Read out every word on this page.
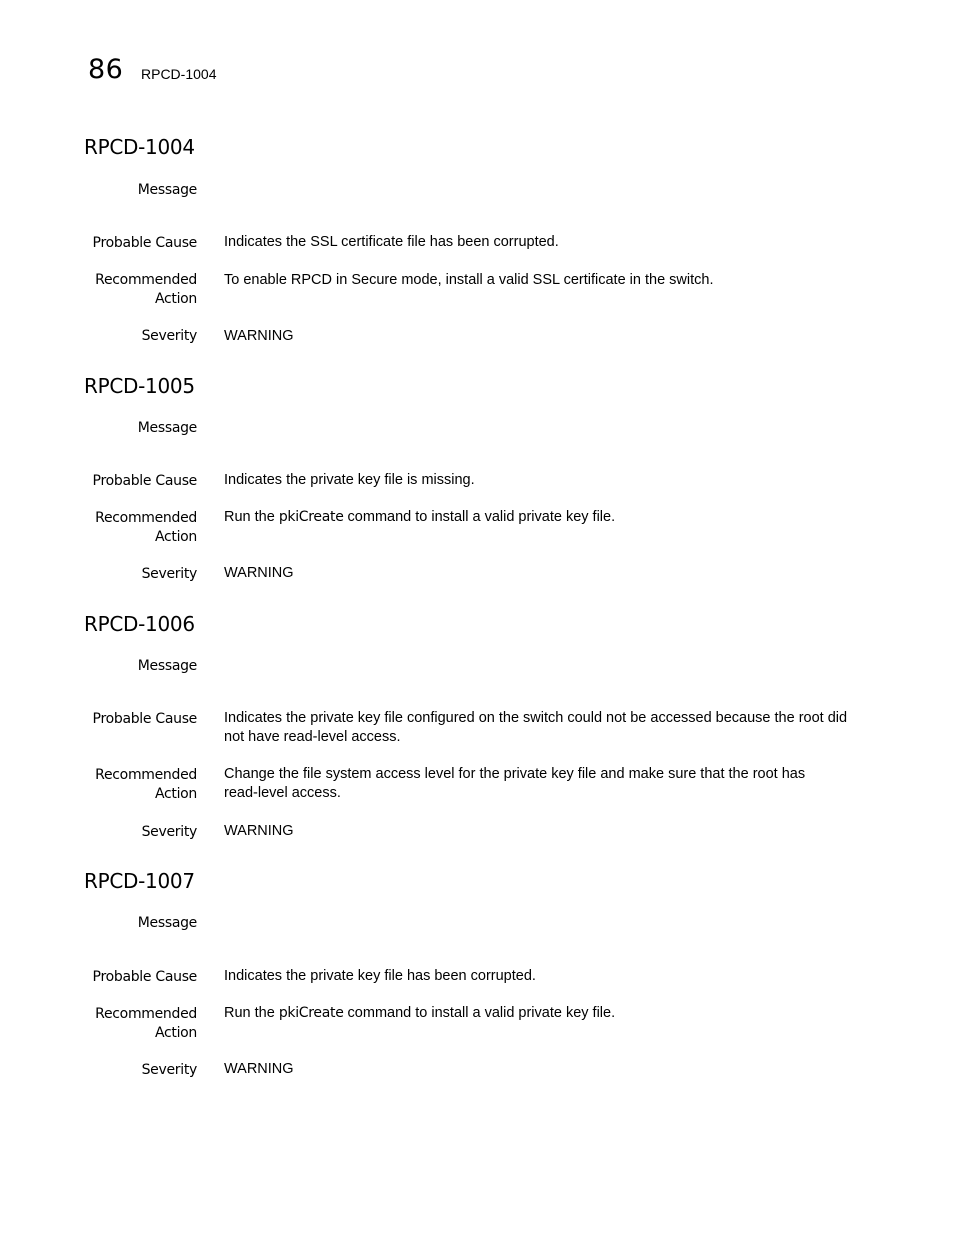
86 RPCD-1004
RPCD-1004
Message
Probable Cause Indicates the SSL certificate file has been corrupted.
Recommended
Action
To enable RPCD in Secure mode, install a valid SSL certificate in the switch.
Severity WARNING
RPCD-1005
Message
Probable Cause Indicates the private key file is missing.
Recommended
Action
Run the pkiCreate command to install a valid private key file.
Severity WARNING
RPCD-1006
Message
Probable Cause Indicates the private key file configured on the switch could not be accessed because the root did
not have read-level access.
Recommended
Action
Change the file system access level for the private key file and make sure that the root has
read-level access.
Severity WARNING
RPCD-1007
Message
Probable Cause Indicates the private key file has been corrupted.
Recommended
Action
Run the pkiCreate command to install a valid private key file.
Severity WARNING
